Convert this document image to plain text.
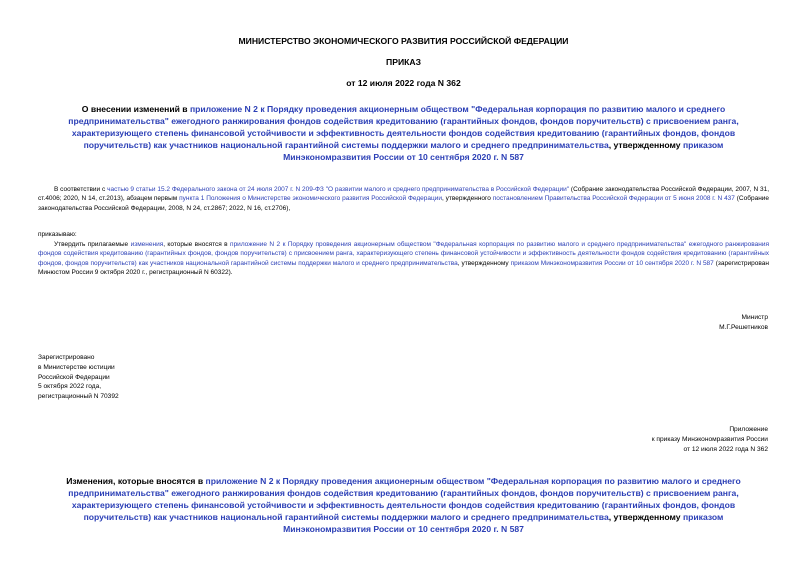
МИНИСТЕРСТВО ЭКОНОМИЧЕСКОГО РАЗВИТИЯ РОССИЙСКОЙ ФЕДЕРАЦИИ
ПРИКАЗ
от 12 июля 2022 года N 362
О внесении изменений в приложение N 2 к Порядку проведения акционерным обществом "Федеральная корпорация по развитию малого и среднего предпринимательства" ежегодного ранжирования фондов содействия кредитованию (гарантийных фондов, фондов поручительств) с присвоением ранга, характеризующего степень финансовой устойчивости и эффективность деятельности фондов содействия кредитованию (гарантийных фондов, фондов поручительств) как участников национальной гарантийной системы поддержки малого и среднего предпринимательства, утвержденному приказом Минэкономразвития России от 10 сентября 2020 г. N 587
В соответствии с частью 9 статьи 15.2 Федерального закона от 24 июля 2007 г. N 209-ФЗ "О развитии малого и среднего предпринимательства в Российской Федерации" (Собрание законодательства Российской Федерации, 2007, N 31, ст.4006; 2020, N 14, ст.2013), абзацем первым пункта 1 Положения о Министерстве экономического развития Российской Федерации, утвержденного постановлением Правительства Российской Федерации от 5 июня 2008 г. N 437 (Собрание законодательства Российской Федерации, 2008, N 24, ст.2867; 2022, N 16, ст.2706),
приказываю:
Утвердить прилагаемые изменения, которые вносятся в приложение N 2 к Порядку проведения акционерным обществом "Федеральная корпорация по развитию малого и среднего предпринимательства" ежегодного ранжирования фондов содействия кредитованию (гарантийных фондов, фондов поручительств) с присвоением ранга, характеризующего степень финансовой устойчивости и эффективность деятельности фондов содействия кредитованию (гарантийных фондов, фондов поручительств) как участников национальной гарантийной системы поддержки малого и среднего предпринимательства, утвержденному приказом Минэкономразвития России от 10 сентября 2020 г. N 587 (зарегистрирован Минюстом России 9 октября 2020 г., регистрационный N 60322).
Министр
М.Г.Решетников
Зарегистрировано
в Министерстве юстиции
Российской Федерации
5 октября 2022 года,
регистрационный N 70392
Приложение
к приказу Минэкономразвития России
от 12 июля 2022 года N 362
Изменения, которые вносятся в приложение N 2 к Порядку проведения акционерным обществом "Федеральная корпорация по развитию малого и среднего предпринимательства" ежегодного ранжирования фондов содействия кредитованию (гарантийных фондов, фондов поручительств) с присвоением ранга, характеризующего степень финансовой устойчивости и эффективность деятельности фондов содействия кредитованию (гарантийных фондов, фондов поручительств) как участников национальной гарантийной системы поддержки малого и среднего предпринимательства, утвержденному приказом Минэкономразвития России от 10 сентября 2020 г. N 587
